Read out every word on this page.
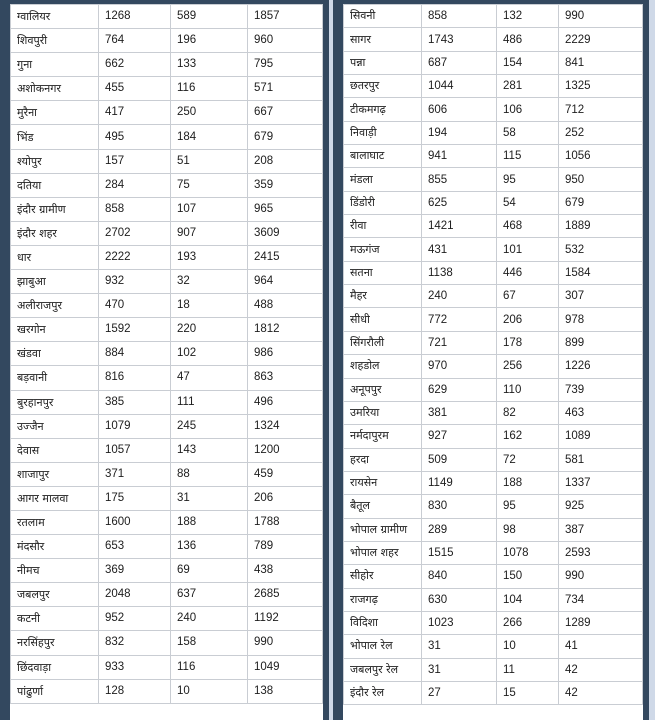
ग्वालियर	1268	589	1857
शिवपुरी	764	196	960
गुना	662	133	795
अशोकनगर	455	116	571
मुरैना	417	250	667
भिंड	495	184	679
श्योपुर	157	51	208
दतिया	284	75	359
इंदौर ग्रामीण	858	107	965
इंदौर शहर	2702	907	3609
धार	2222	193	2415
झाबुआ	932	32	964
अलीराजपुर	470	18	488
खरगोन	1592	220	1812
खंडवा	884	102	986
बड़वानी	816	47	863
बुरहानपुर	385	111	496
उज्जैन	1079	245	1324
देवास	1057	143	1200
शाजापुर	371	88	459
आगर मालवा	175	31	206
रतलाम	1600	188	1788
मंदसौर	653	136	789
नीमच	369	69	438
जबलपुर	2048	637	2685
कटनी	952	240	1192
नरसिंहपुर	832	158	990
छिंदवाड़ा	933	116	1049
पांढुर्णा	128	10	138
सिवनी	858	132	990
सागर	1743	486	2229
पन्ना	687	154	841
छतरपुर	1044	281	1325
टीकमगढ़	606	106	712
निवाड़ी	194	58	252
बालाघाट	941	115	1056
मंडला	855	95	950
डिंडोरी	625	54	679
रीवा	1421	468	1889
मऊगंज	431	101	532
सतना	1138	446	1584
मैहर	240	67	307
सीधी	772	206	978
सिंगरौली	721	178	899
शहडोल	970	256	1226
अनूपपुर	629	110	739
उमरिया	381	82	463
नर्मदापुरम	927	162	1089
हरदा	509	72	581
रायसेन	1149	188	1337
बैतूल	830	95	925
भोपाल ग्रामीण	289	98	387
भोपाल शहर	1515	1078	2593
सीहोर	840	150	990
राजगढ़	630	104	734
विदिशा	1023	266	1289
भोपाल रेल	31	10	41
जबलपुर रेल	31	11	42
इंदौर रेल	27	15	42
